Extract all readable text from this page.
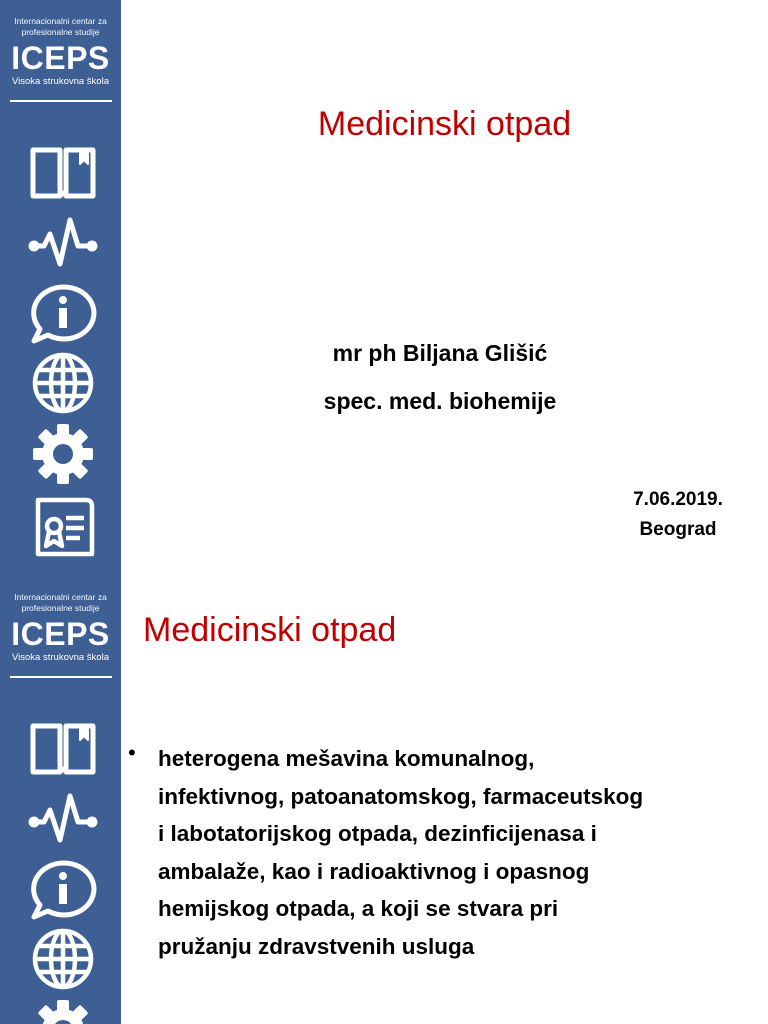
Internacionalni centar za
profesionalne studije
ICEPS
Visoka strukovna škola
Medicinski otpad
mr ph Biljana Glišić
spec. med. biohemije
7.06.2019.
Beograd
Internacionalni centar za
profesionalne studije
ICEPS
Visoka strukovna škola
Medicinski otpad
• heterogena mešavina komunalnog,
infektivnog, patoanatomskog, farmaceutskog
i labotatorijskog otpada, dezinficijenasa i
ambalaže, kao i radioaktivnog i opasnog
hemijskog otpada, a koji se stvara pri
pružanju zdravstvenih usluga
